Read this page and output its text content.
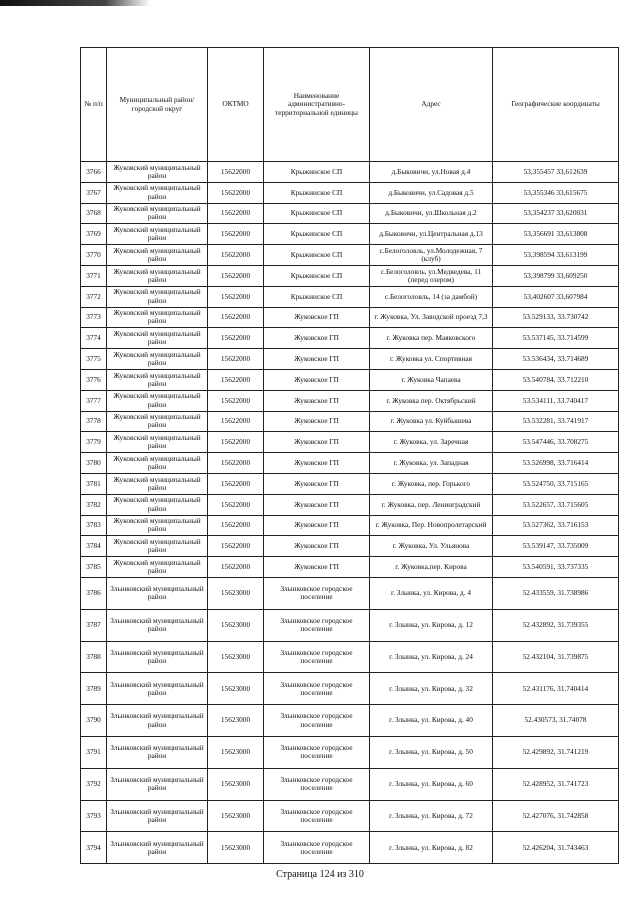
№ п/п	Муниципальный район/городской округ	ОКТМО	Наименование административно-территориальной единицы	Адрес	Географические координаты
3766	Жуковский муниципальный район	15622000	Крыжинское СП	д.Быковичи, ул.Новая д.4	53,355457 33,612639
3767	Жуковский муниципальный район	15622000	Крыжинское СП	д.Быковичи, ул.Садовая д.5	53,355346 33,615675
3768	Жуковский муниципальный район	15622000	Крыжинское СП	д.Быковичи, ул.Школьная д.2	53,354237 33,620031
3769	Жуковский муниципальный район	15622000	Крыжинское СП	д.Быковичи, ул.Центральная д.13	53,356691 33,613808
3770	Жуковский муниципальный район	15622000	Крыжинское СП	с.Белоголовль, ул.Молодежная, 7 (клуб)	53,398594 33,613199
3771	Жуковский муниципальный район	15622000	Крыжинское СП	с.Белоголовль, ул.Медведева, 11 (перед озером)	53,398799 33,609250
3772	Жуковский муниципальный район	15622000	Крыжинское СП	с.Белоголовль, 14 (за дамбой)	53,402607 33,607984
3773	Жуковский муниципальный район	15622000	Жуковское ГП	г. Жуковка, Ул. Заводской проезд 7,3	53.529133, 33.730742
3774	Жуковский муниципальный район	15622000	Жуковское ГП	г. Жуковка пер. Маяковского	53.537145, 33.714599
3775	Жуковский муниципальный район	15622000	Жуковское ГП	г. Жуковка ул. Спортивная	53.536434, 33.714689
3776	Жуковский муниципальный район	15622000	Жуковское ГП	г. Жуковка Чапаева	53.540784, 33.712210
3777	Жуковский муниципальный район	15622000	Жуковское ГП	г. Жуковка пер. Октябрьский	53.534111, 33.740417
3778	Жуковский муниципальный район	15622000	Жуковское ГП	г. Жуковка ул. Куйбышева	53.532281, 33.741917
3779	Жуковский муниципальный район	15622000	Жуковское ГП	г. Жуковка, ул. Заречная	53.547446, 33.708275
3780	Жуковский муниципальный район	15622000	Жуковское ГП	г. Жуковка, ул. Западная	53.526998, 33.716414
3781	Жуковский муниципальный район	15622000	Жуковское ГП	г. Жуковка, пер. Горького	53.524750, 33.715165
3782	Жуковский муниципальный район	15622000	Жуковское ГП	г. Жуковка, пер. Ленинградский	53.522657, 33.715605
3783	Жуковский муниципальный район	15622000	Жуковское ГП	г. Жуковка, Пер. Новопролетарский	53.527362, 33.716153
3784	Жуковский муниципальный район	15622000	Жуковское ГП	г. Жуковка, Ул. Ульянова	53.539147, 33.735009
3785	Жуковский муниципальный район	15622000	Жуковское ГП	г. Жуковка,пер. Кирова	53.540591, 33.737335
3786	Злынковский муниципальный район	15623000	Злынковское городское поселение	г. Злынка, ул. Кирова, д. 4	52.433559, 31.738986
3787	Злынковский муниципальный район	15623000	Злынковское городское поселение	г. Злынка, ул. Кирова, д. 12	52.432892, 31.739355
3788	Злынковский муниципальный район	15623000	Злынковское городское поселение	г. Злынка, ул. Кирова, д. 24	52.432104, 31.739875
3789	Злынковский муниципальный район	15623000	Злынковское городское поселение	г. Злынка, ул. Кирова, д. 32	52.431176, 31.740414
3790	Злынковский муниципальный район	15623000	Злынковское городское поселение	г. Злынка, ул. Кирова, д. 40	52.430573, 31.74078
3791	Злынковский муниципальный район	15623000	Злынковское городское поселение	г. Злынка, ул. Кирова, д. 50	52.429892, 31.741219
3792	Злынковский муниципальный район	15623000	Злынковское городское поселение	г. Злынка, ул. Кирова, д. 60	52.428952, 31.741723
3793	Злынковский муниципальный район	15623000	Злынковское городское поселение	г. Злынка, ул. Кирова, д. 72	52.427076, 31.742858
3794	Злынковский муниципальный район	15623000	Злынковское городское поселение	г. Злынка, ул. Кирова, д. 82	52.426204, 31.743463
Страница 124 из 310
